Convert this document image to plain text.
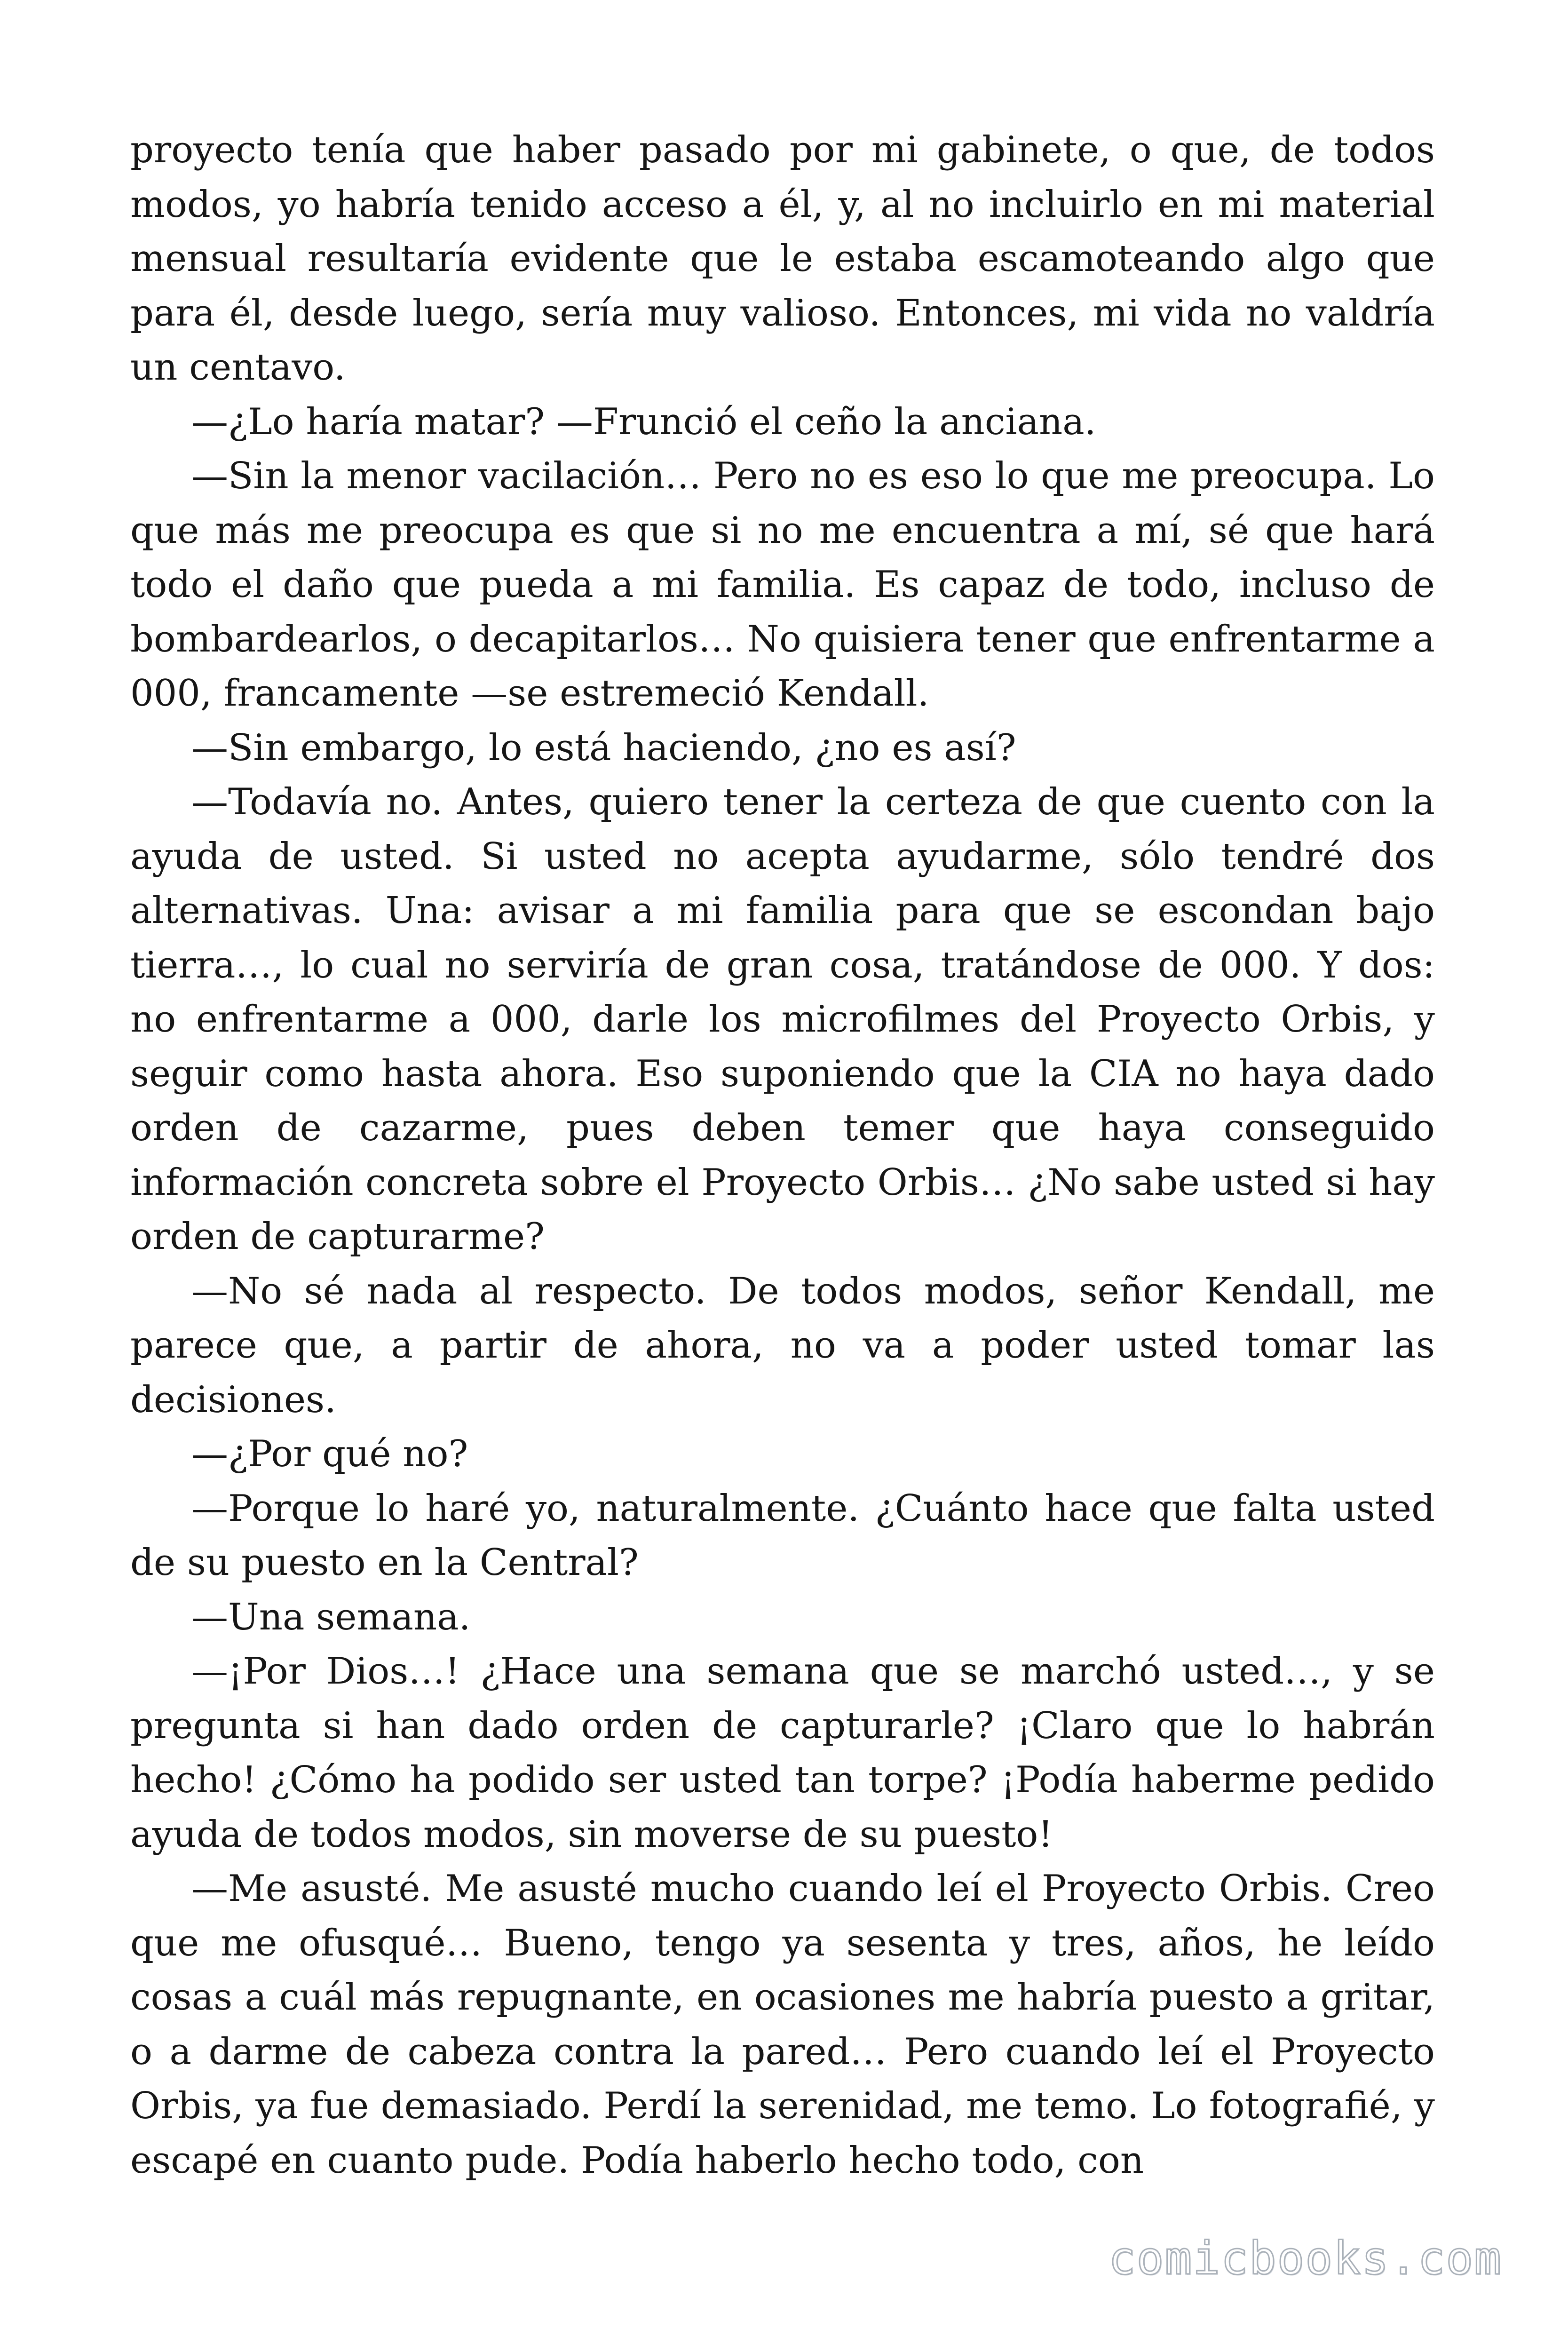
proyecto tenía que haber pasado por mi gabinete, o que, de todos modos, yo habría tenido acceso a él, y, al no incluirlo en mi material mensual resultaría evidente que le estaba escamoteando algo que para él, desde luego, sería muy valioso. Entonces, mi vida no valdría un centavo.

—¿Lo haría matar? —Frunció el ceño la anciana.

—Sin la menor vacilación… Pero no es eso lo que me preocupa. Lo que más me preocupa es que si no me encuentra a mí, sé que hará todo el daño que pueda a mi familia. Es capaz de todo, incluso de bombardearlos, o decapitarlos… No quisiera tener que enfrentarme a 000, francamente —se estremeció Kendall.

—Sin embargo, lo está haciendo, ¿no es así?

—Todavía no. Antes, quiero tener la certeza de que cuento con la ayuda de usted. Si usted no acepta ayudarme, sólo tendré dos alternativas. Una: avisar a mi familia para que se escondan bajo tierra…, lo cual no serviría de gran cosa, tratándose de 000. Y dos: no enfrentarme a 000, darle los microfilmes del Proyecto Orbis, y seguir como hasta ahora. Eso suponiendo que la CIA no haya dado orden de cazarme, pues deben temer que haya conseguido información concreta sobre el Proyecto Orbis… ¿No sabe usted si hay orden de capturarme?

—No sé nada al respecto. De todos modos, señor Kendall, me parece que, a partir de ahora, no va a poder usted tomar las decisiones.

—¿Por qué no?

—Porque lo haré yo, naturalmente. ¿Cuánto hace que falta usted de su puesto en la Central?

—Una semana.

—¡Por Dios…! ¿Hace una semana que se marchó usted…, y se pregunta si han dado orden de capturarle? ¡Claro que lo habrán hecho! ¿Cómo ha podido ser usted tan torpe? ¡Podía haberme pedido ayuda de todos modos, sin moverse de su puesto!

—Me asusté. Me asusté mucho cuando leí el Proyecto Orbis. Creo que me ofusqué… Bueno, tengo ya sesenta y tres, años, he leído cosas a cuál más repugnante, en ocasiones me habría puesto a gritar, o a darme de cabeza contra la pared… Pero cuando leí el Proyecto Orbis, ya fue demasiado. Perdí la serenidad, me temo. Lo fotografié, y escapé en cuanto pude. Podía haberlo hecho todo, con

comicbooks.com
